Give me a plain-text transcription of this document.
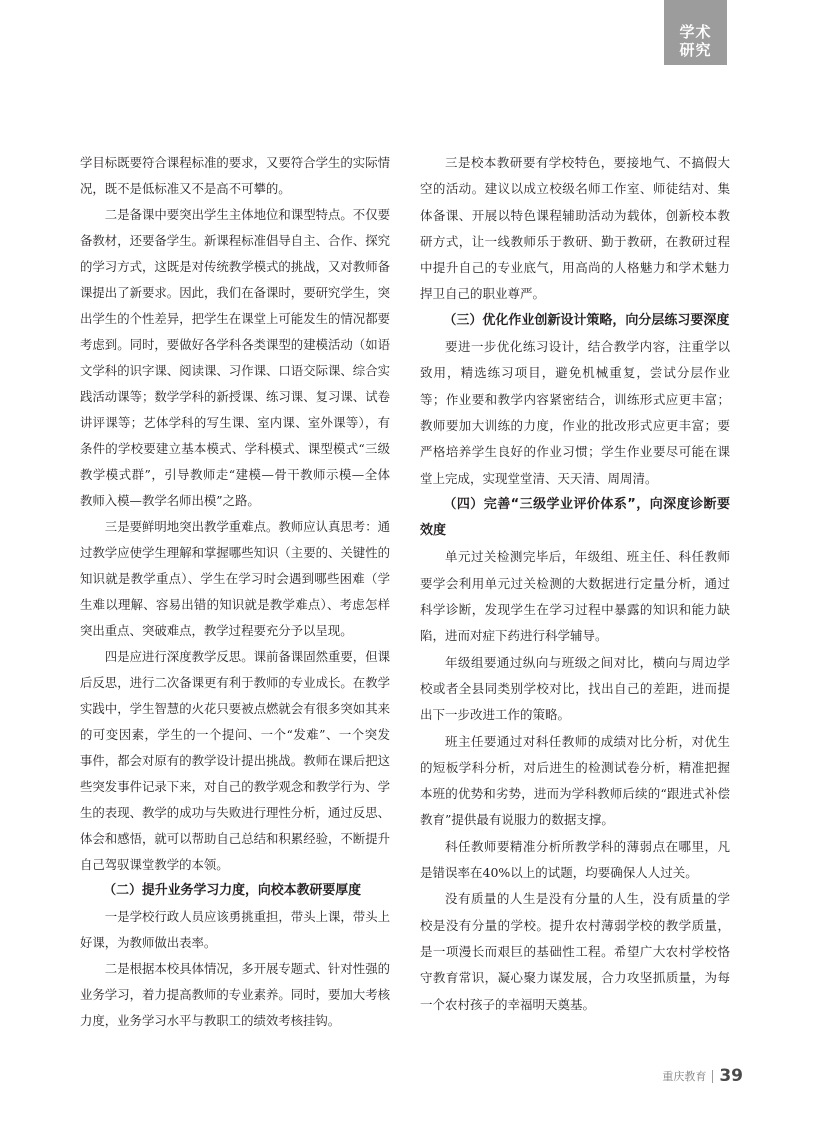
学术
研究

学目标既要符合课程标准的要求，又要符合学生的实际情况，既不是低标准又不是高不可攀的。

二是备课中要突出学生主体地位和课型特点。不仅要备教材，还要备学生。新课程标准倡导自主、合作、探究的学习方式，这既是对传统教学模式的挑战，又对教师备课提出了新要求。因此，我们在备课时，要研究学生，突出学生的个性差异，把学生在课堂上可能发生的情况都要考虑到。同时，要做好各学科各类课型的建模活动（如语文学科的识字课、阅读课、习作课、口语交际课、综合实践活动课等；数学学科的新授课、练习课、复习课、试卷讲评课等；艺体学科的写生课、室内课、室外课等），有条件的学校要建立基本模式、学科模式、课型模式“三级教学模式群”，引导教师走“建模—骨干教师示模—全体教师入模—教学名师出模”之路。

三是要鲜明地突出教学重难点。教师应认真思考：通过教学应使学生理解和掌握哪些知识（主要的、关键性的知识就是教学重点）、学生在学习时会遇到哪些困难（学生难以理解、容易出错的知识就是教学难点）、考虑怎样突出重点、突破难点，教学过程要充分予以呈现。

四是应进行深度教学反思。课前备课固然重要，但课后反思，进行二次备课更有利于教师的专业成长。在教学实践中，学生智慧的火花只要被点燃就会有很多突如其来的可变因素，学生的一个提问、一个“发难”、一个突发事件，都会对原有的教学设计提出挑战。教师在课后把这些突发事件记录下来，对自己的教学观念和教学行为、学生的表现、教学的成功与失败进行理性分析，通过反思、体会和感悟，就可以帮助自己总结和积累经验，不断提升自己驾驭课堂教学的本领。

（二）提升业务学习力度，向校本教研要厚度

一是学校行政人员应该勇挑重担，带头上课，带头上好课，为教师做出表率。

二是根据本校具体情况，多开展专题式、针对性强的业务学习，着力提高教师的专业素养。同时，要加大考核力度，业务学习水平与教职工的绩效考核挂钩。

三是校本教研要有学校特色，要接地气、不搞假大空的活动。建议以成立校级名师工作室、师徒结对、集体备课、开展以特色课程辅助活动为载体，创新校本教研方式，让一线教师乐于教研、勤于教研，在教研过程中提升自己的专业底气，用高尚的人格魅力和学术魅力捍卫自己的职业尊严。

（三）优化作业创新设计策略，向分层练习要深度

要进一步优化练习设计，结合教学内容，注重学以致用，精选练习项目，避免机械重复，尝试分层作业等；作业要和教学内容紧密结合，训练形式应更丰富；教师要加大训练的力度，作业的批改形式应更丰富；要严格培养学生良好的作业习惯；学生作业要尽可能在课堂上完成，实现堂堂清、天天清、周周清。

（四）完善“三级学业评价体系”，向深度诊断要效度

单元过关检测完毕后，年级组、班主任、科任教师要学会利用单元过关检测的大数据进行定量分析，通过科学诊断，发现学生在学习过程中暴露的知识和能力缺陷，进而对症下药进行科学辅导。

年级组要通过纵向与班级之间对比，横向与周边学校或者全县同类别学校对比，找出自己的差距，进而提出下一步改进工作的策略。

班主任要通过对科任教师的成绩对比分析，对优生的短板学科分析，对后进生的检测试卷分析，精准把握本班的优势和劣势，进而为学科教师后续的“跟进式补偿教育”提供最有说服力的数据支撑。

科任教师要精准分析所教学科的薄弱点在哪里，凡是错误率在40%以上的试题，均要确保人人过关。

没有质量的人生是没有分量的人生，没有质量的学校是没有分量的学校。提升农村薄弱学校的教学质量，是一项漫长而艰巨的基础性工程。希望广大农村学校恪守教育常识，凝心聚力谋发展，合力攻坚抓质量，为每一个农村孩子的幸福明天奠基。

重庆教育 39
